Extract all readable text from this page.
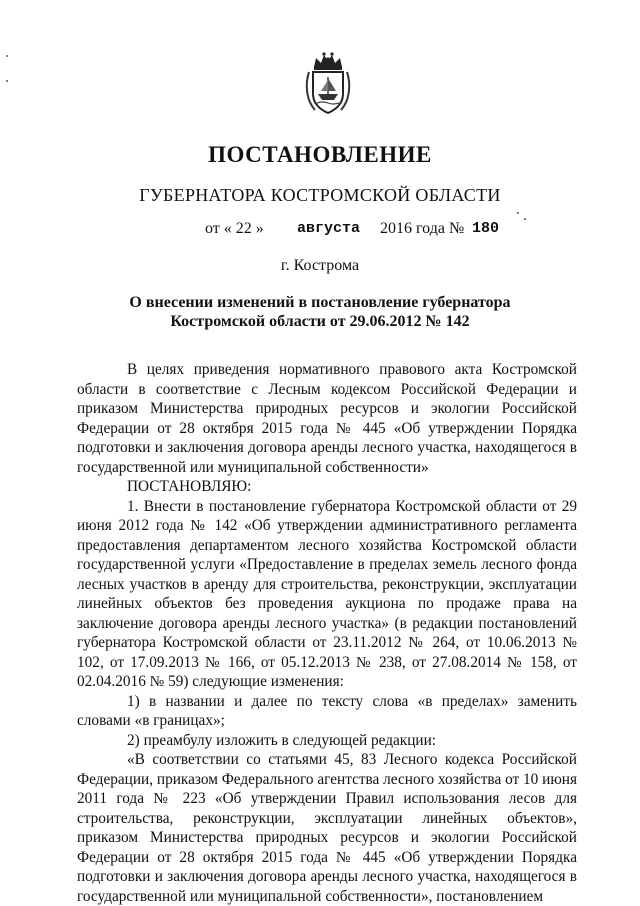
ПОСТАНОВЛЕНИЕ
ГУБЕРНАТОРА КОСТРОМСКОЙ ОБЛАСТИ
от « 22 » августа 2016 года № 180
г. Кострома
О внесении изменений в постановление губернатора
Костромской области от 29.06.2012 № 142

В целях приведения нормативного правового акта Костромской области в соответствие с Лесным кодексом Российской Федерации и приказом Министерства природных ресурсов и экологии Российской Федерации от 28 октября 2015 года № 445 «Об утверждении Порядка подготовки и заключения договора аренды лесного участка, находящегося в государственной или муниципальной собственности»

ПОСТАНОВЛЯЮ:

1. Внести в постановление губернатора Костромской области от 29 июня 2012 года № 142 «Об утверждении административного регламента предоставления департаментом лесного хозяйства Костромской области государственной услуги «Предоставление в пределах земель лесного фонда лесных участков в аренду для строительства, реконструкции, эксплуатации линейных объектов без проведения аукциона по продаже права на заключение договора аренды лесного участка» (в редакции постановлений губернатора Костромской области от 23.11.2012 № 264, от 10.06.2013 № 102, от 17.09.2013 № 166, от 05.12.2013 № 238, от 27.08.2014 № 158, от 02.04.2016 № 59) следующие изменения:

1) в названии и далее по тексту слова «в пределах» заменить словами «в границах»;

2) преамбулу изложить в следующей редакции:

«В соответствии со статьями 45, 83 Лесного кодекса Российской Федерации, приказом Федерального агентства лесного хозяйства от 10 июня 2011 года № 223 «Об утверждении Правил использования лесов для строительства, реконструкции, эксплуатации линейных объектов», приказом Министерства природных ресурсов и экологии Российской Федерации от 28 октября 2015 года № 445 «Об утверждении Порядка подготовки и заключения договора аренды лесного участка, находящегося в государственной или муниципальной собственности», постановлением
